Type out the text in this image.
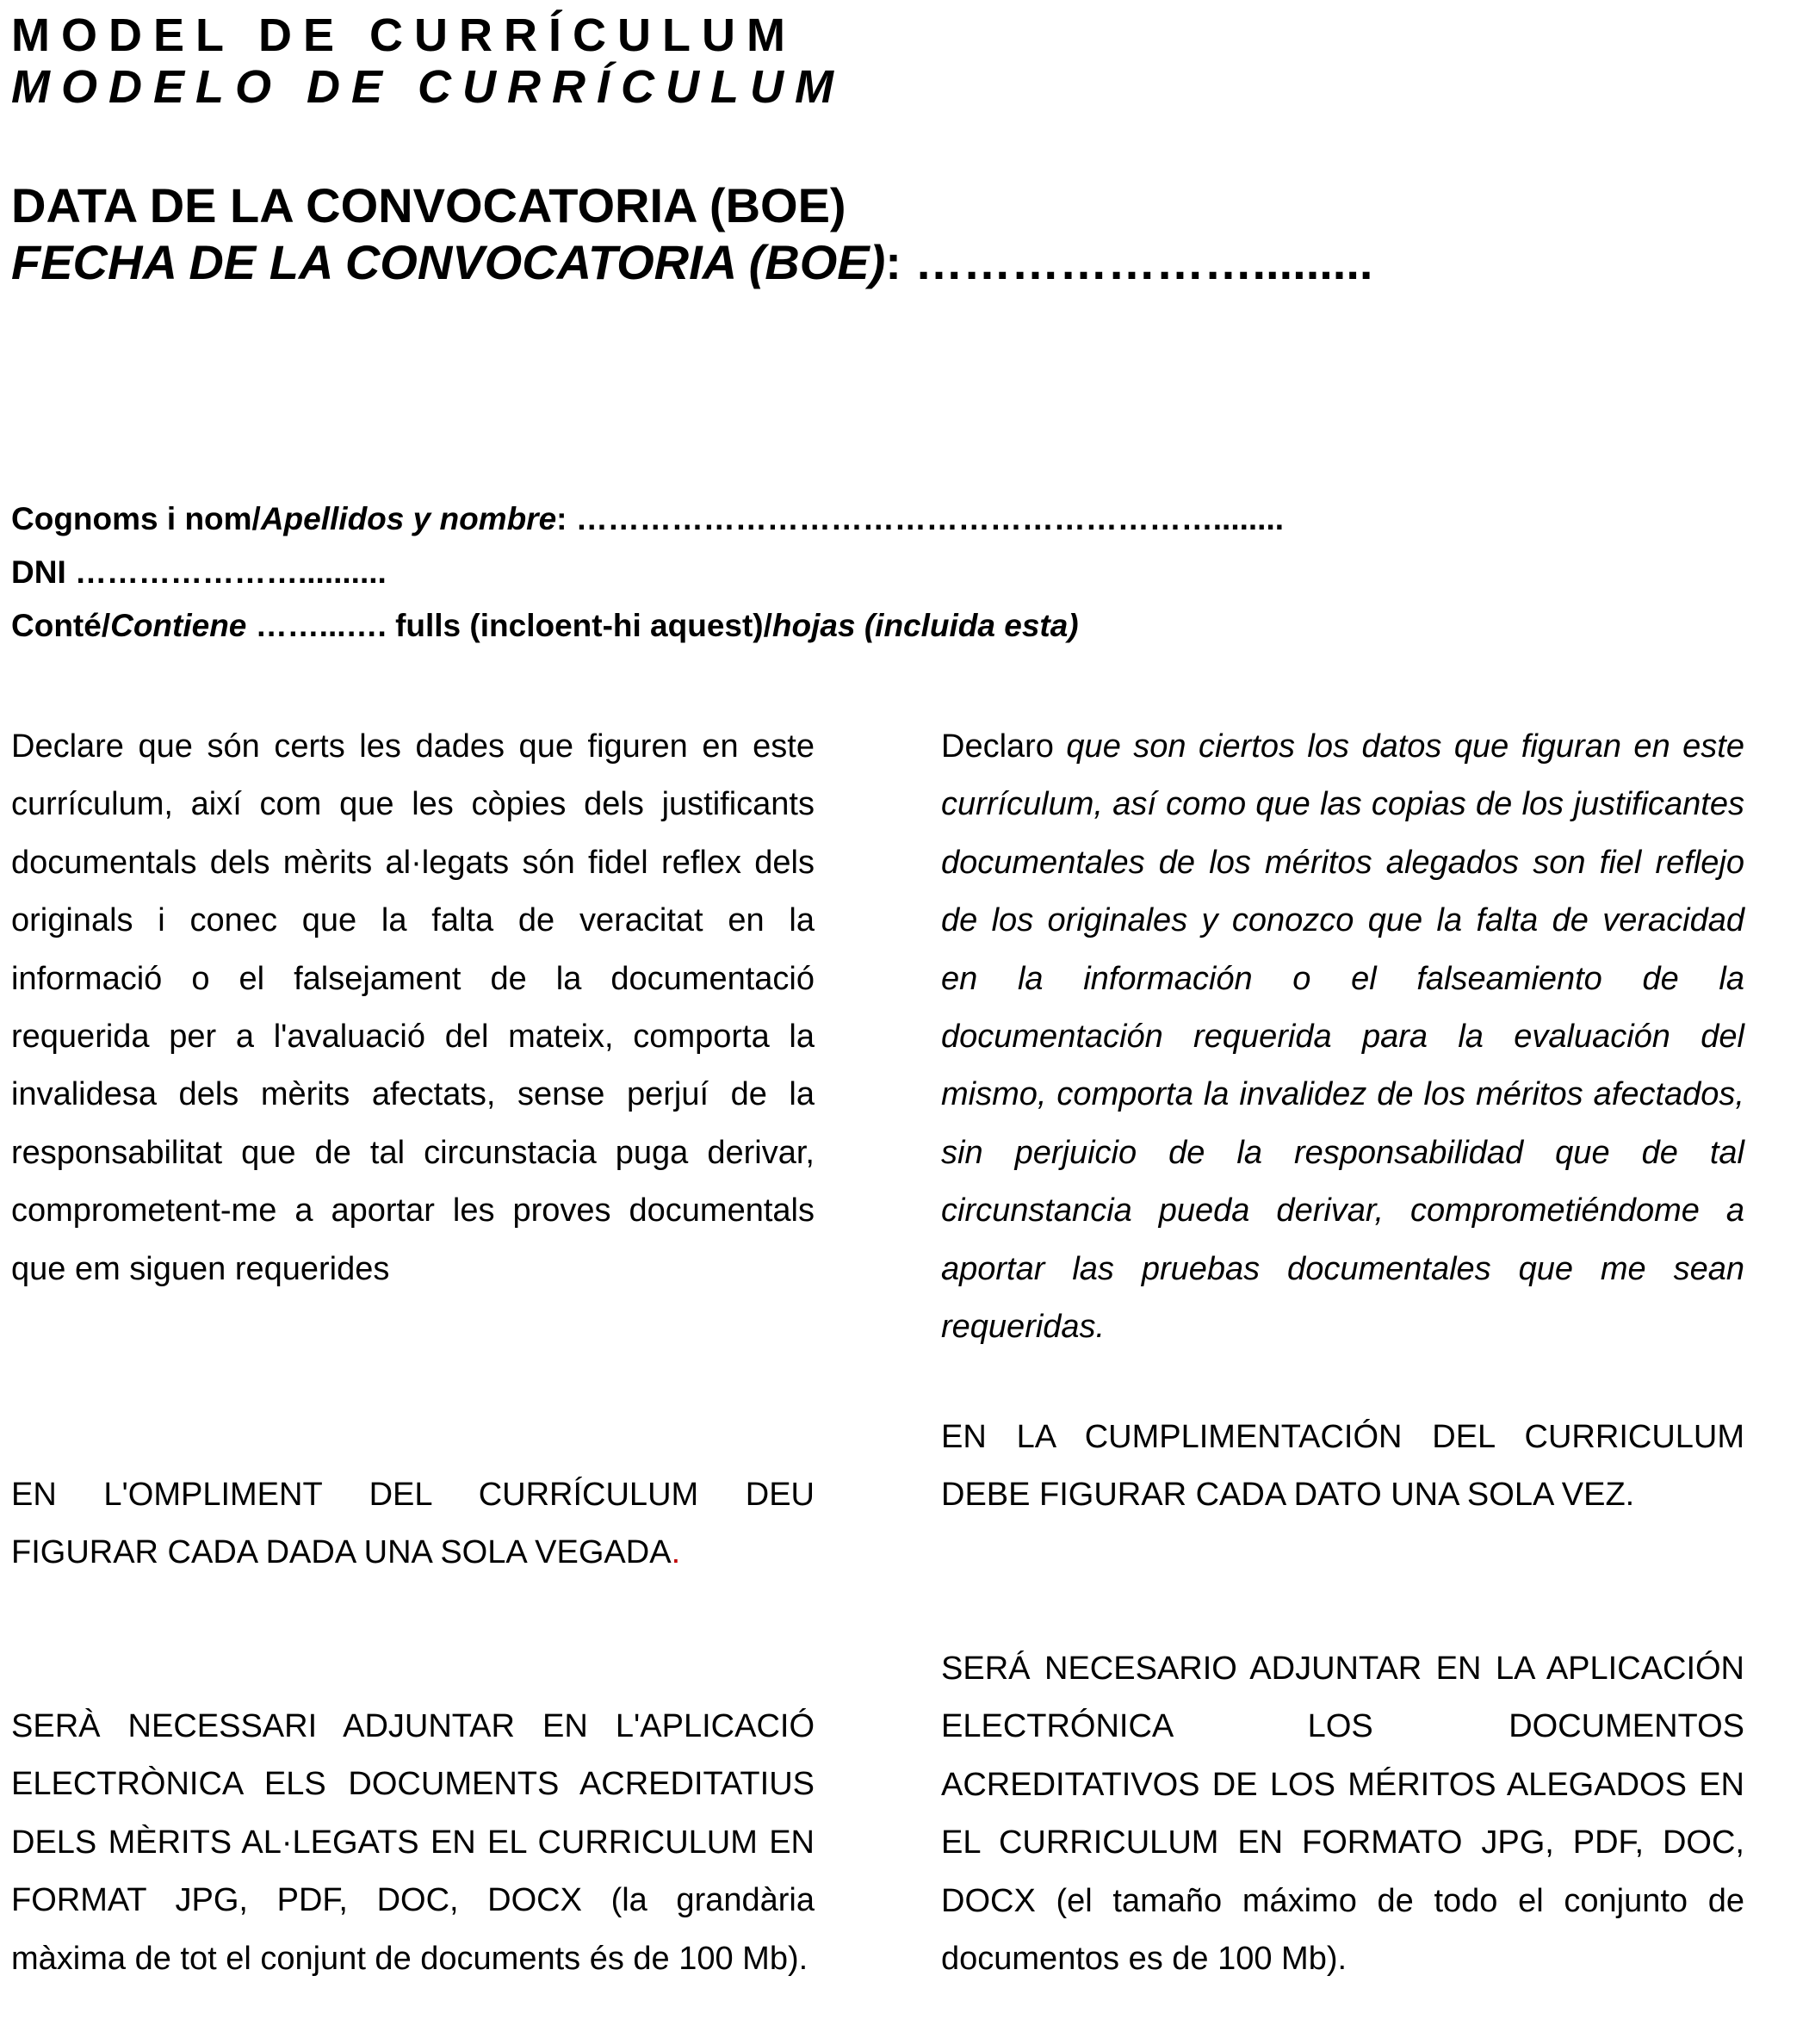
MODEL DE CURRÍCULUM
MODELO DE CURRÍCULUM
DATA DE LA CONVOCATORIA (BOE)
FECHA DE LA CONVOCATORIA (BOE): ………………….........
Cognoms i nom/Apellidos y nombre: ……………………………………………………........
DNI …………………..........
Conté/Contiene ……...…. fulls (incloent-hi aquest)/hojas (incluida esta)
Declare que són certs les dades que figuren en este currículum, així com que les còpies dels justificants documentals dels mèrits al·legats són fidel reflex dels originals i conec que la falta de veracitat en la informació o el falsejament de la documentació requerida per a l'avaluació del mateix, comporta la invalidesa dels mèrits afectats, sense perjuí de la responsabilitat que de tal circunstacia puga derivar, comprometent-me a aportar les proves documentals que em siguen requerides
Declaro que son ciertos los datos que figuran en este currículum, así como que las copias de los justificantes documentales de los méritos alegados son fiel reflejo de los originales y conozco que la falta de veracidad en la información o el falseamiento de la documentación requerida para la evaluación del mismo, comporta la invalidez de los méritos afectados, sin perjuicio de la responsabilidad que de tal circunstancia pueda derivar, comprometiéndome a aportar las pruebas documentales que me sean requeridas.
EN L'OMPLIMENT DEL CURRÍCULUM DEU FIGURAR CADA DADA UNA SOLA VEGADA.
EN LA CUMPLIMENTACIÓN DEL CURRICULUM DEBE FIGURAR CADA DATO UNA SOLA VEZ.
SERÀ NECESSARI ADJUNTAR EN L'APLICACIÓ ELECTRÒNICA ELS DOCUMENTS ACREDITATIUS DELS MÈRITS AL·LEGATS EN EL CURRICULUM EN FORMAT JPG, PDF, DOC, DOCX (la grandària màxima de tot el conjunt de documents és de 100 Mb).
SERÁ NECESARIO ADJUNTAR EN LA APLICACIÓN ELECTRÓNICA LOS DOCUMENTOS ACREDITATIVOS DE LOS MÉRITOS ALEGADOS EN EL CURRICULUM EN FORMATO JPG, PDF, DOC, DOCX (el tamaño máximo de todo el conjunto de documentos es de 100 Mb).
